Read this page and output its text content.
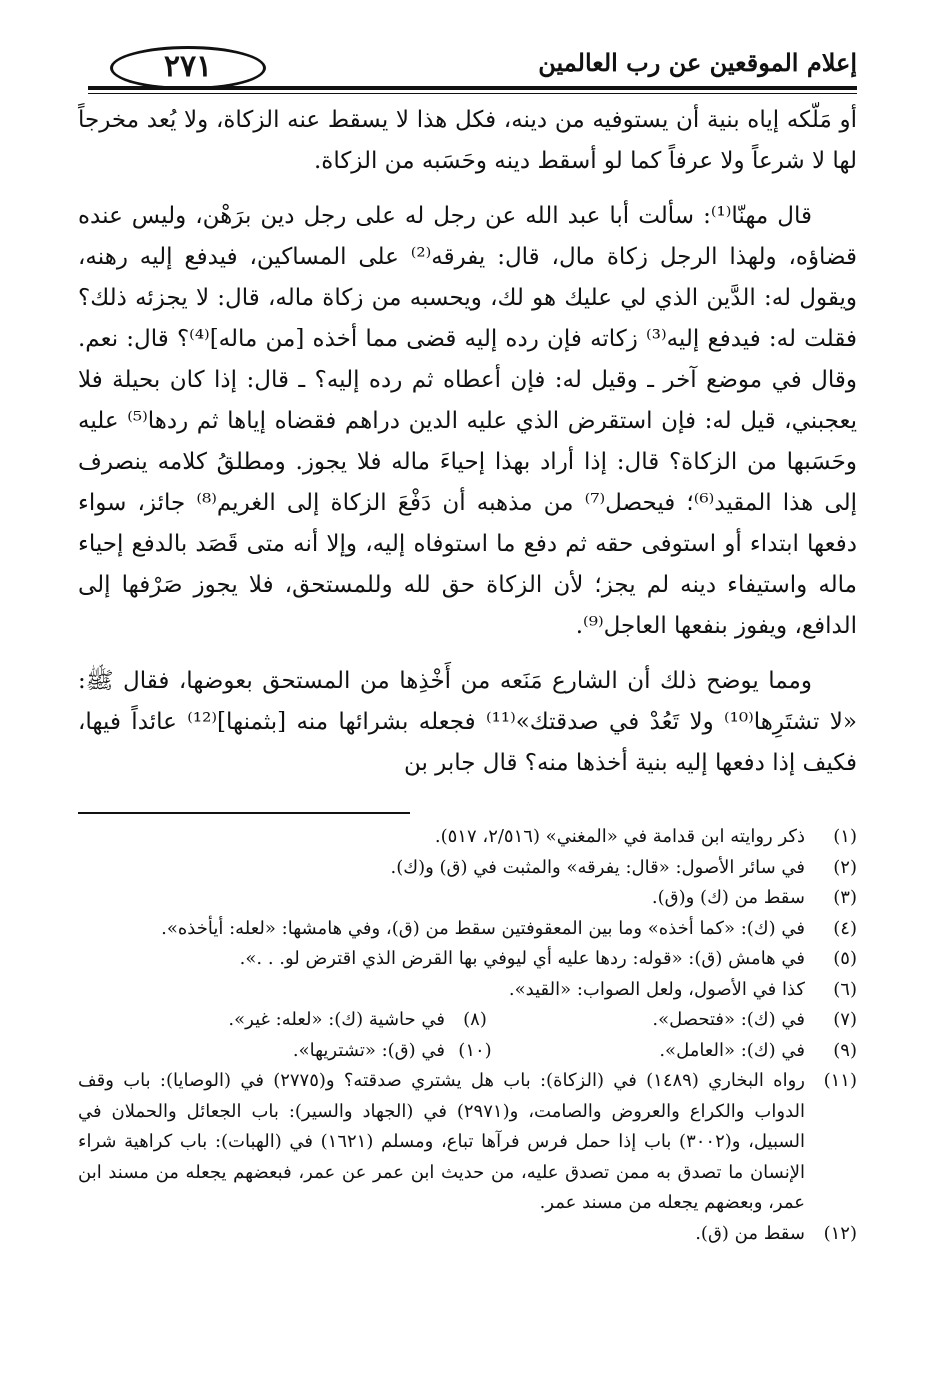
إعلام الموقعين عن رب العالمين
٢٧١

أو مَلّكه إياه بنية أن يستوفيه من دينه، فكل هذا لا يسقط عنه الزكاة، ولا يُعد مخرجاً لها لا شرعاً ولا عرفاً كما لو أسقط دينه وحَسَبه من الزكاة.

قال مهنّا⁽¹⁾: سألت أبا عبد الله عن رجل له على رجل دين برَهْن، وليس عنده قضاؤه، ولهذا الرجل زكاة مال، قال: يفرقه⁽²⁾ على المساكين، فيدفع إليه رهنه، ويقول له: الدَّين الذي لي عليك هو لك، ويحسبه من زكاة ماله، قال: لا يجزئه ذلك؟ فقلت له: فيدفع إليه⁽³⁾ زكاته فإن رده إليه قضى مما أخذه [من ماله]⁽⁴⁾؟ قال: نعم. وقال في موضع آخر ـ وقيل له: فإن أعطاه ثم رده إليه؟ ـ قال: إذا كان بحيلة فلا يعجبني، قيل له: فإن استقرض الذي عليه الدين دراهم فقضاه إياها ثم ردها⁽⁵⁾ عليه وحَسَبها من الزكاة؟ قال: إذا أراد بهذا إحياءَ ماله فلا يجوز. ومطلقُ كلامه ينصرف إلى هذا المقيد⁽⁶⁾؛ فيحصل⁽⁷⁾ من مذهبه أن دَفْعَ الزكاة إلى الغريم⁽⁸⁾ جائز، سواء دفعها ابتداء أو استوفى حقه ثم دفع ما استوفاه إليه، وإلا أنه متى قَصَد بالدفع إحياء ماله واستيفاء دينه لم يجز؛ لأن الزكاة حق لله وللمستحق، فلا يجوز صَرْفها إلى الدافع، ويفوز بنفعها العاجل⁽⁹⁾.

ومما يوضح ذلك أن الشارع مَنَعه من أَخْذِها من المستحق بعوضها، فقال ﷺ: «لا تشتَرِها⁽¹⁰⁾ ولا تَعُدْ في صدقتك»⁽¹¹⁾ فجعله بشرائها منه [بثمنها]⁽¹²⁾ عائداً فيها، فكيف إذا دفعها إليه بنية أخذها منه؟ قال جابر بن

(١)
ذكر روايته ابن قدامة في «المغني» (٢/٥١٦، ٥١٧).
(٢)
في سائر الأصول: «قال: يفرقه» والمثبت في (ق) و(ك).
(٣)
سقط من (ك) و(ق).
(٤)
في (ك): «كما أخذه» وما بين المعقوفتين سقط من (ق)، وفي هامشها: «لعله: أيأخذه».
(٥)
في هامش (ق): «قوله: ردها عليه أي ليوفي بها القرض الذي اقترض لو. . .».
(٦)
كذا في الأصول، ولعل الصواب: «القيد».
(٧)
في (ك): «فتحصل».
(٨)
في حاشية (ك): «لعله: غير».
(٩)
في (ك): «العامل».
(١٠)
في (ق): «تشتريها».
(١١)
رواه البخاري (١٤٨٩) في (الزكاة): باب هل يشتري صدقته؟ و(٢٧٧٥) في (الوصايا): باب وقف الدواب والكراع والعروض والصامت، و(٢٩٧١) في (الجهاد والسير): باب الجعائل والحملان في السبيل، و(٣٠٠٢) باب إذا حمل فرس فرآها تباع، ومسلم (١٦٢١) في (الهبات): باب كراهية شراء الإنسان ما تصدق به ممن تصدق عليه، من حديث ابن عمر عن عمر، فبعضهم يجعله من مسند ابن عمر، وبعضهم يجعله من مسند عمر.
(١٢)
سقط من (ق).
